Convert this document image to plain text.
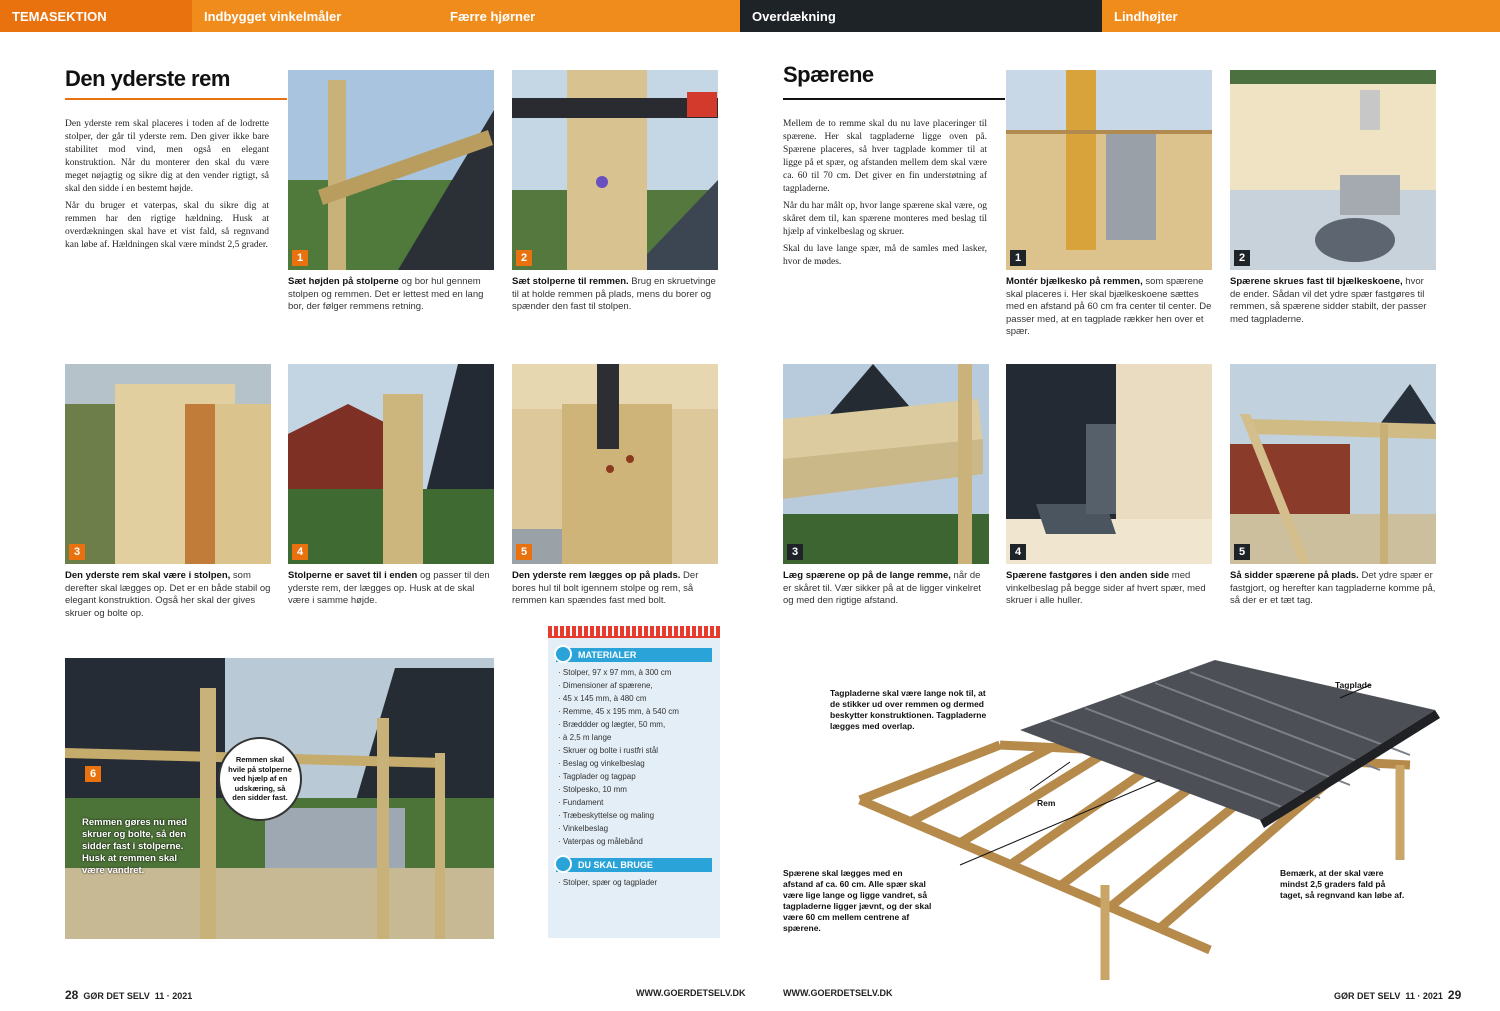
TEMASEKTION	Indbygget vinkelmåler	Færre hjørner	Overdækning	Lindhøjter
Den yderste rem

Den yderste rem skal placeres i toden af de lodrette stolper, der går til yderste rem. Den giver ikke bare stabilitet mod vind, men også en elegant konstruktion. Når du monterer den skal du være meget nøjagtig og sikre dig at den vender rigtigt, så skal den sidde i en bestemt højde.

Når du bruger et vaterpas, skal du sikre dig at remmen har den rigtige hældning. Husk at overdækningen skal have et vist fald, så regnvand kan løbe af. Hældningen skal være mindst 2,5 grader.

1	2
Sæt højden på stolperne og bor hul gennem stolpen og remmen. Det er lettest med en lang bor, der følger remmens retning.
Sæt stolperne til remmen. Brug en skruetvinge til at holde remmen på plads, mens du borer og spænder den fast til stolpen.
3	4	5
Den yderste rem skal være i stolpen, som derefter skal lægges op. Det er en både stabil og elegant konstruktion. Også her skal der gives skruer og bolte op.
Stolperne er savet til i enden og passer til den yderste rem, der lægges op. Husk at de skal være i samme højde.
Den yderste rem lægges op på plads. Der bores hul til bolt igennem stolpe og rem, så remmen kan spændes fast med bolt.
6
Remmen skal hvile på stolperne ved hjælp af en udskæring, så den sidder fast.
Remmen gøres nu med skruer og bolte, så den sidder fast i stolperne. Husk at remmen skal være vandret.
MATERIALER
· Stolper, 97 x 97 mm, à 300 cm
· Dimensioner af spærene,
· 45 x 145 mm, à 480 cm
· Remme, 45 x 195 mm, à 540 cm
· Bræddder og lægter, 50 mm,
· à 2,5 m lange
· Skruer og bolte i rustfri stål
· Beslag og vinkelbeslag
· Tagplader og tagpap
· Stolpesko, 10 mm
· Fundament
· Træbeskyttelse og maling
· Vinkelbeslag
· Vaterpas og målebånd
DU SKAL BRUGE
· Stolper, spær og tagplader
28 GØR DET SELV 11 · 2021	WWW.GOERDETSELV.DK
Spærene

Mellem de to remme skal du nu lave placeringer til spærene. Her skal tagpladerne ligge oven på. Spærene placeres, så hver tagplade kommer til at ligge på et spær, og afstanden mellem dem skal være ca. 60 til 70 cm. Det giver en fin understøtning af tagpladerne.

Når du har målt op, hvor lange spærene skal være, og skåret dem til, kan spærene monteres med beslag til hjælp af vinkelbeslag og skruer.

Skal du lave lange spær, må de samles med lasker, hvor de mødes.	1	2
Montér bjælkesko på remmen, som spærene skal placeres i. Her skal bjælkeskoene sættes med en afstand på 60 cm fra center til center. De passer med, at en tagplade rækker hen over et spær.
Spærene skrues fast til bjælkeskoene, hvor de ender. Sådan vil det ydre spær fastgøres til remmen, så spærene sidder stabilt, der passer med tagpladerne.
3	4	5
Læg spærene op på de lange remme, når de er skåret til. Vær sikker på at de ligger vinkelret og med den rigtige afstand.
Spærene fastgøres i den anden side med vinkelbeslag på begge sider af hvert spær, med skruer i alle huller.
Så sidder spærene på plads. Det ydre spær er fastgjort, og herefter kan tagpladerne komme på, så der er et tæt tag.
Tagpladerne skal være lange nok til, at de stikker ud over remmen og dermed beskytter konstruktionen. Tagpladerne lægges med overlap.
Tagplade
Rem
Spærene skal lægges med en afstand af ca. 60 cm. Alle spær skal være lige lange og ligge vandret, så tagpladerne ligger jævnt, og der skal være 60 cm mellem centrene af spærene.
Bemærk, at der skal være mindst 2,5 graders fald på taget, så regnvand kan løbe af.
WWW.GOERDETSELV.DK	GØR DET SELV 11 · 2021 29
